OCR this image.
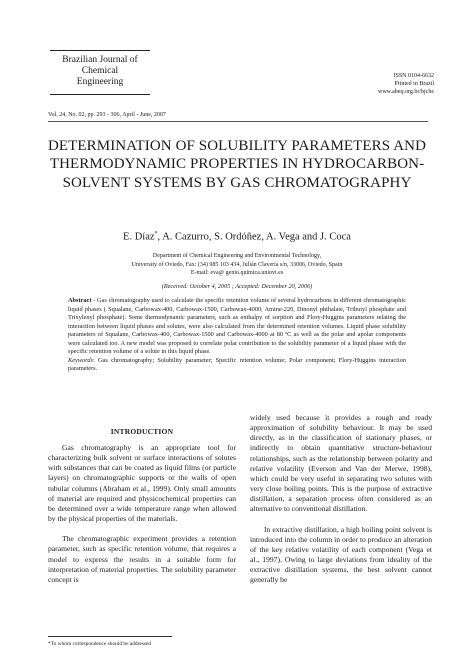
Brazilian Journal of Chemical Engineering
ISSN 0104-6632
Printed in Brazil
www.abeq.org.br/bjche
Vol. 24, No. 02, pp. 293 - 306, April - June, 2007
DETERMINATION OF SOLUBILITY PARAMETERS AND THERMODYNAMIC PROPERTIES IN HYDROCARBON-SOLVENT SYSTEMS BY GAS CHROMATOGRAPHY
E. Díaz*, A. Cazurro, S. Ordóñez, A. Vega and J. Coca
Department of Chemical Engineering and Environmental Technology,
University of Oviedo, Fax: (34) 985 103 434, Julián Clavería s/n, 33006, Oviedo, Spain
E-mail: eva@ genio.quimica.uniovi.es
(Received: October 4, 2005 ; Accepted: December 20, 2006)
Abstract - Gas chromatography used to calculate the specific retention volume of several hydrocarbons in different chromatographic liquid phases ( Squalane, Carbowax-400, Carbowax-1500, Carbowax-4000, Amine-220, Dinonyl phthalate, Tributyl phosphate and Trixylenyl phosphate). Some thermodynamic parameters, such as enthalpy of sorption and Flory-Huggins parameters relating the interaction between liquid phases and solutes, were also calculated from the determined retention volumes. Liquid phase solubility parameters of Squalane, Carbowax-400, Carbowax-1500 and Carbowax-4000 at 80 ºC as well as the polar and apolar components were calculated too. A new model was proposed to correlate polar contribution to the solubility parameter of a liquid phase with the specific retention volume of a solute in this liquid phase.
Keywords: Gas chromatography; Solubility parameter; Specific retention volume; Polar component; Flory-Huggins interaction parameters.
INTRODUCTION

Gas chromatography is an appropriate tool for characterizing bulk solvent or surface interactions of solutes with substances that can be coated as liquid films (or particle layers) on chromatographic supports or the walls of open tubular columns (Abraham et al., 1999). Only small amounts of material are required and physicochemical properties can be determined over a wide temperature range when allowed by the physical properties of the materials.

The chromatographic experiment provides a retention parameter, such as specific retention volume, that requires a model to express the results in a suitable form for interpretation of material properties. The solubility parameter concept is

widely used because it provides a rough and ready approximation of solubility behaviour. It may be used directly, as in the classification of stationary phases, or indirectly to obtain quantitative structure-behaviour relationships, such as the relationship between polarity and relative volatility (Everson and Van der Merwe, 1998), which could be very useful in separating two solutes with very close boiling points. This is the purpose of extractive distillation, a separation process often considered as an alternative to conventional distillation.

In extractive distillation, a high boiling point solvent is introduced into the column in order to produce an alteration of the key relative volatility of each component (Vega et al., 1997). Owing to large deviations from ideality of the extractive distillation systems, the best solvent cannot generally be

*To whom correspondence should be addressed
